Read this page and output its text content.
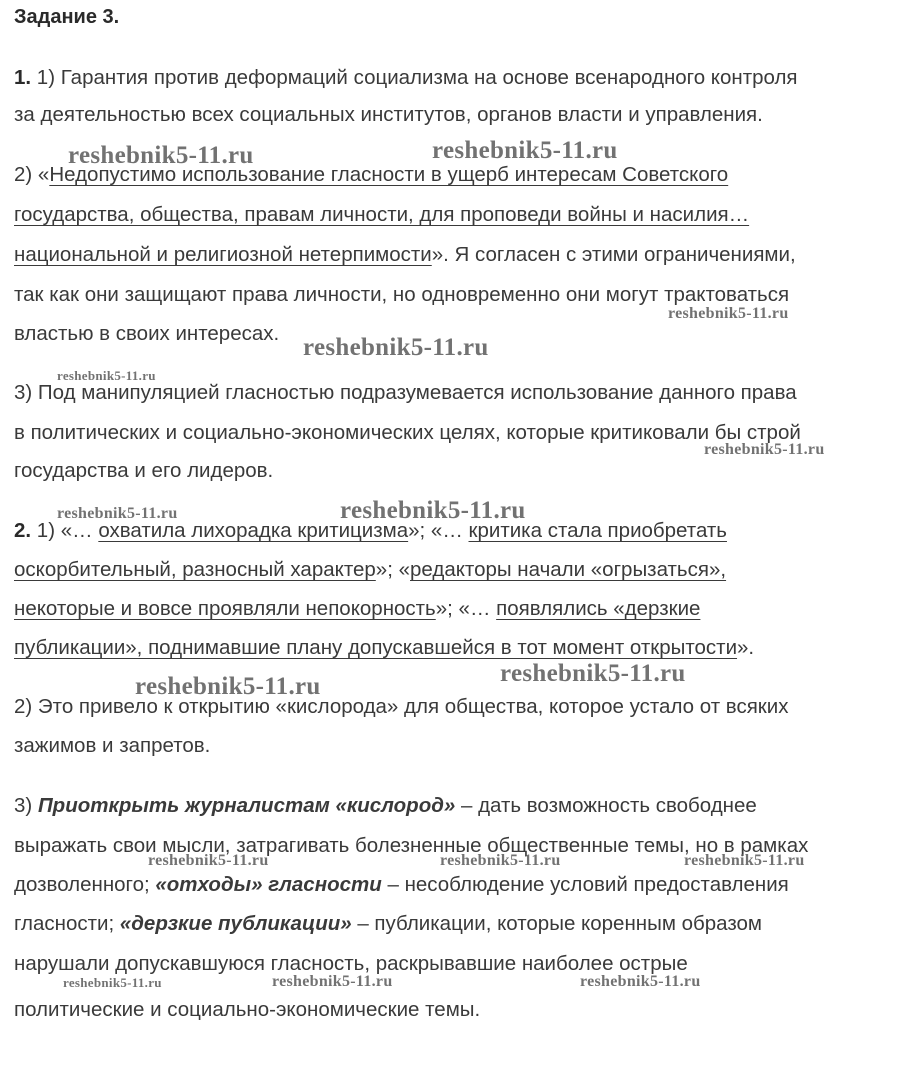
Задание 3.
1. 1) Гарантия против деформаций социализма на основе всенародного контроля
за деятельностью всех социальных институтов, органов власти и управления.
2) «Недопустимо использование гласности в ущерб интересам Советского
государства, общества, правам личности, для проповеди войны и насилия…
национальной и религиозной нетерпимости». Я согласен с этими ограничениями,
так как они защищают права личности, но одновременно они могут трактоваться
властью в своих интересах.
3) Под манипуляцией гласностью подразумевается использование данного права
в политических и социально-экономических целях, которые критиковали бы строй
государства и его лидеров.
2. 1) «… охватила лихорадка критицизма»; «… критика стала приобретать
оскорбительный, разносный характер»; «редакторы начали «огрызаться»,
некоторые и вовсе проявляли непокорность»; «… появлялись «дерзкие
публикации», поднимавшие плану допускавшейся в тот момент открытости».
2) Это привело к открытию «кислорода» для общества, которое устало от всяких
зажимов и запретов.
3) Приоткрыть журналистам «кислород» – дать возможность свободнее
выражать свои мысли, затрагивать болезненные общественные темы, но в рамках
дозволенного; «отходы» гласности – несоблюдение условий предоставления
гласности; «дерзкие публикации» – публикации, которые коренным образом
нарушали допускавшуюся гласность, раскрывавшие наиболее острые
политические и социально-экономические темы.
reshebnik5-11.ru	reshebnik5-11.ru
reshebnik5-11.ru
reshebnik5-11.ru
reshebnik5-11.ru
reshebnik5-11.ru
reshebnik5-11.ru	reshebnik5-11.ru
reshebnik5-11.ru
reshebnik5-11.ru
reshebnik5-11.ru	reshebnik5-11.ru	reshebnik5-11.ru
reshebnik5-11.ru	reshebnik5-11.ru	reshebnik5-11.ru
